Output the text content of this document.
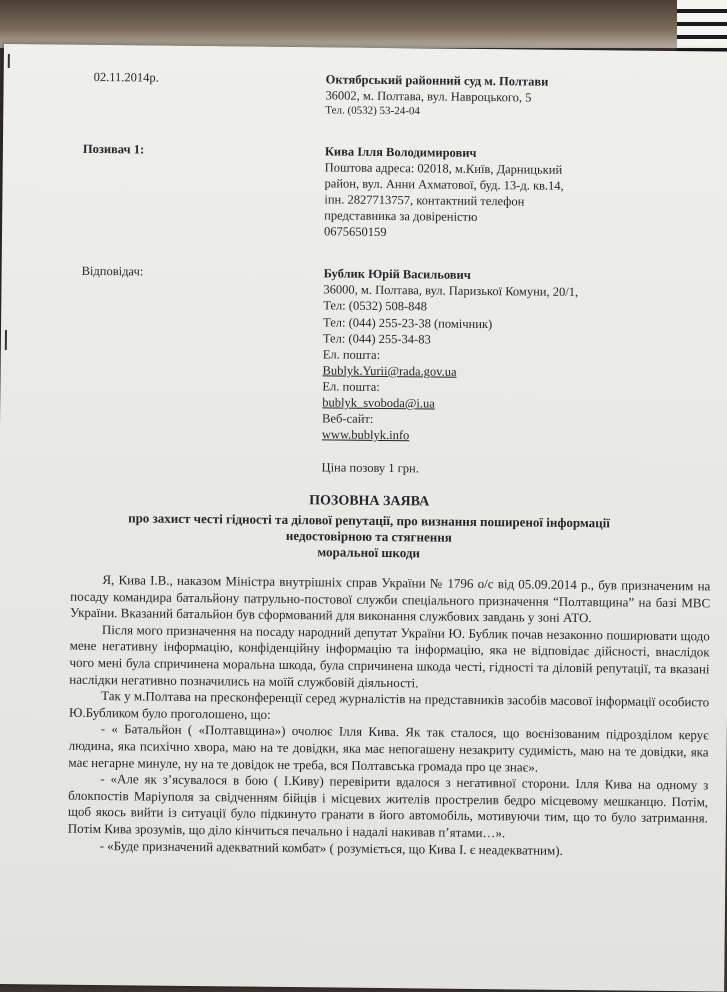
02.11.2014р.	Октябрський районний суд м. Полтави
36002, м. Полтава, вул. Навроцького, 5
Тел. (0532) 53-24-04
Позивач 1:	Кива Ілля Володимирович
Поштова адреса: 02018, м.Київ, Дарницький
район, вул. Анни Ахматової, буд. 13-д. кв.14,
іпн. 2827713757, контактний телефон
представника за довіреністю
0675650159
Відповідач:	Бублик Юрій Васильович
36000, м. Полтава, вул. Паризької Комуни, 20/1,
Тел: (0532) 508-848
Тел: (044) 255-23-38 (помічник)
Тел: (044) 255-34-83
Ел. пошта:
Bublyk.Yurii@rada.gov.ua
Ел. пошта:
bublyk_svoboda@i.ua
Веб-сайт:
www.bublyk.info
Ціна позову 1 грн.
ПОЗОВНА ЗАЯВА
про захист честі гідності та ділової репутації, про визнання поширеної інформації
недостовірною та стягнення
моральної шкоди

Я, Кива І.В., наказом Міністра внутрішніх справ України № 1796 о/с від 05.09.2014 р., був призначеним на посаду командира батальйону патрульно-постової служби спеціального призначення “Полтавщина” на базі МВС України. Вказаний батальйон був сформований для виконання службових завдань у зоні АТО.

Після мого призначення на посаду народний депутат України Ю. Бублик почав незаконно поширювати щодо мене негативну інформацію, конфіденційну інформацію та інформацію, яка не відповідає дійсності, внаслідок чого мені була спричинена моральна шкода, була спричинена шкода честі, гідності та діловій репутації, та вказані наслідки негативно позначились на моїй службовій діяльності.

Так у м.Полтава на пресконференції серед журналістів на представників засобів масової інформації особисто Ю.Бубликом було проголошено, що:

- « Батальйон ( «Полтавщина») очолює Ілля Кива. Як так сталося, що воєнізованим підрозділом керує людина, яка психічно хвора, маю на те довідки, яка має непогашену незакриту судимість, маю на те довідки, яка має негарне минуле, ну на те довідок не треба, вся Полтавська громада про це знає».

- «Але як з’ясувалося в бою ( І.Киву) перевірити вдалося з негативної сторони. Ілля Кива на одному з блокпостів Маріуполя за свідченням бійців і місцевих жителів прострелив бедро місцевому мешканцю. Потім, щоб якось вийти із ситуації було підкинуто гранати в його автомобіль, мотивуючи тим, що то було затримання. Потім Кива зрозумів, що діло кінчиться печально і надалі накивав п’ятами…».

- «Буде призначений адекватний комбат» ( розуміється, що Кива І. є неадекватним).
